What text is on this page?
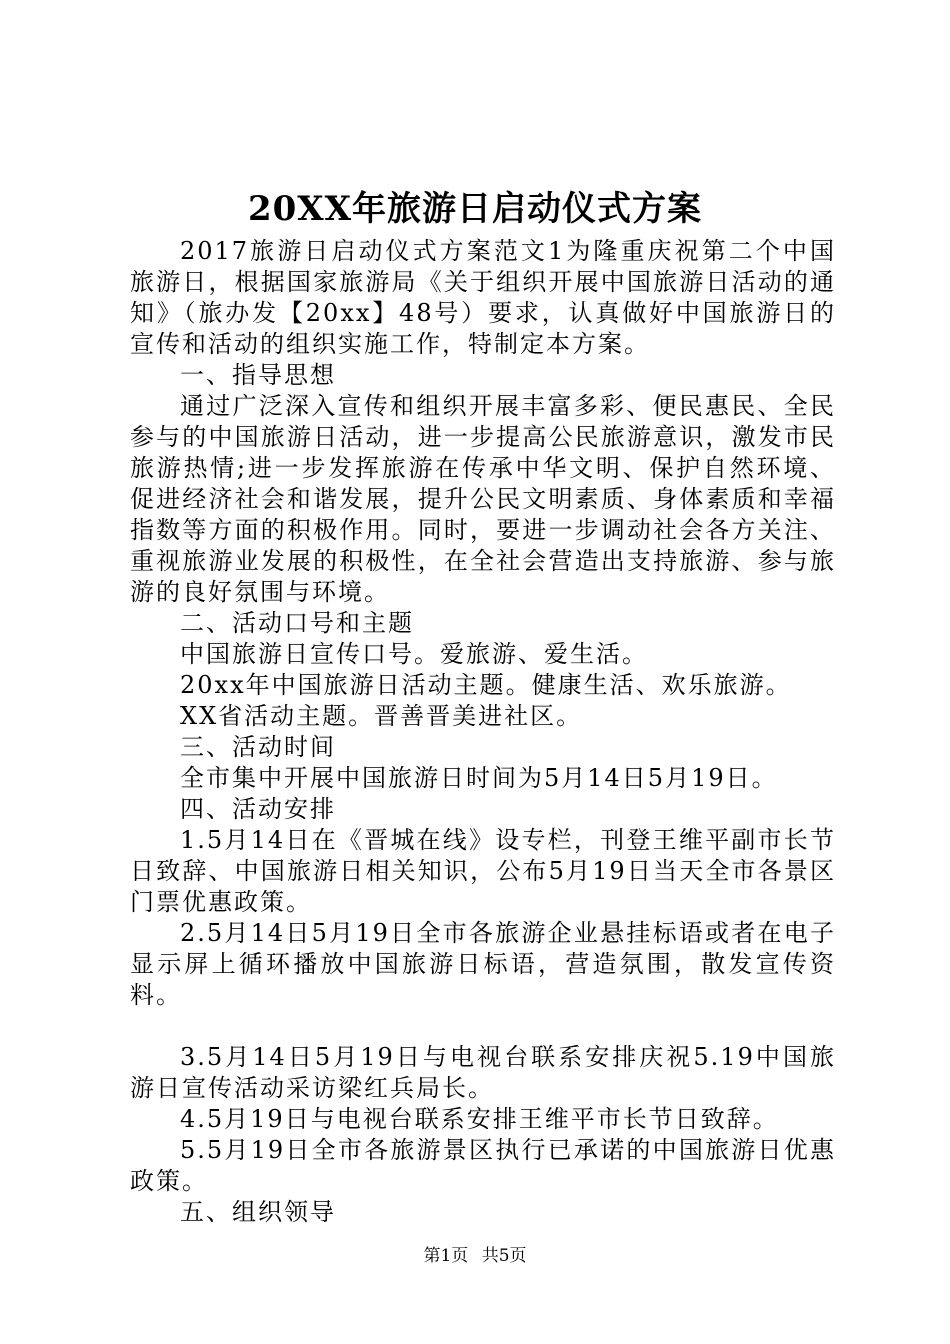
20XX年旅游日启动仪式方案

2017旅游日启动仪式方案范文1为隆重庆祝第二个中国旅游日，根据国家旅游局《关于组织开展中国旅游日活动的通知》（旅办发【20xx】48号）要求，认真做好中国旅游日的宣传和活动的组织实施工作，特制定本方案。

一、指导思想

通过广泛深入宣传和组织开展丰富多彩、便民惠民、全民参与的中国旅游日活动，进一步提高公民旅游意识，激发市民旅游热情;进一步发挥旅游在传承中华文明、保护自然环境、促进经济社会和谐发展，提升公民文明素质、身体素质和幸福指数等方面的积极作用。同时，要进一步调动社会各方关注、重视旅游业发展的积极性，在全社会营造出支持旅游、参与旅游的良好氛围与环境。

二、活动口号和主题

中国旅游日宣传口号。爱旅游、爱生活。

20xx年中国旅游日活动主题。健康生活、欢乐旅游。

XX省活动主题。晋善晋美进社区。

三、活动时间

全市集中开展中国旅游日时间为5月14日5月19日。

四、活动安排

1.5月14日在《晋城在线》设专栏，刊登王维平副市长节日致辞、中国旅游日相关知识，公布5月19日当天全市各景区门票优惠政策。

2.5月14日5月19日全市各旅游企业悬挂标语或者在电子显示屏上循环播放中国旅游日标语，营造氛围，散发宣传资料。

3.5月14日5月19日与电视台联系安排庆祝5.19中国旅游日宣传活动采访梁红兵局长。

4.5月19日与电视台联系安排王维平市长节日致辞。

5.5月19日全市各旅游景区执行已承诺的中国旅游日优惠政策。

五、组织领导

第1页 共5页
